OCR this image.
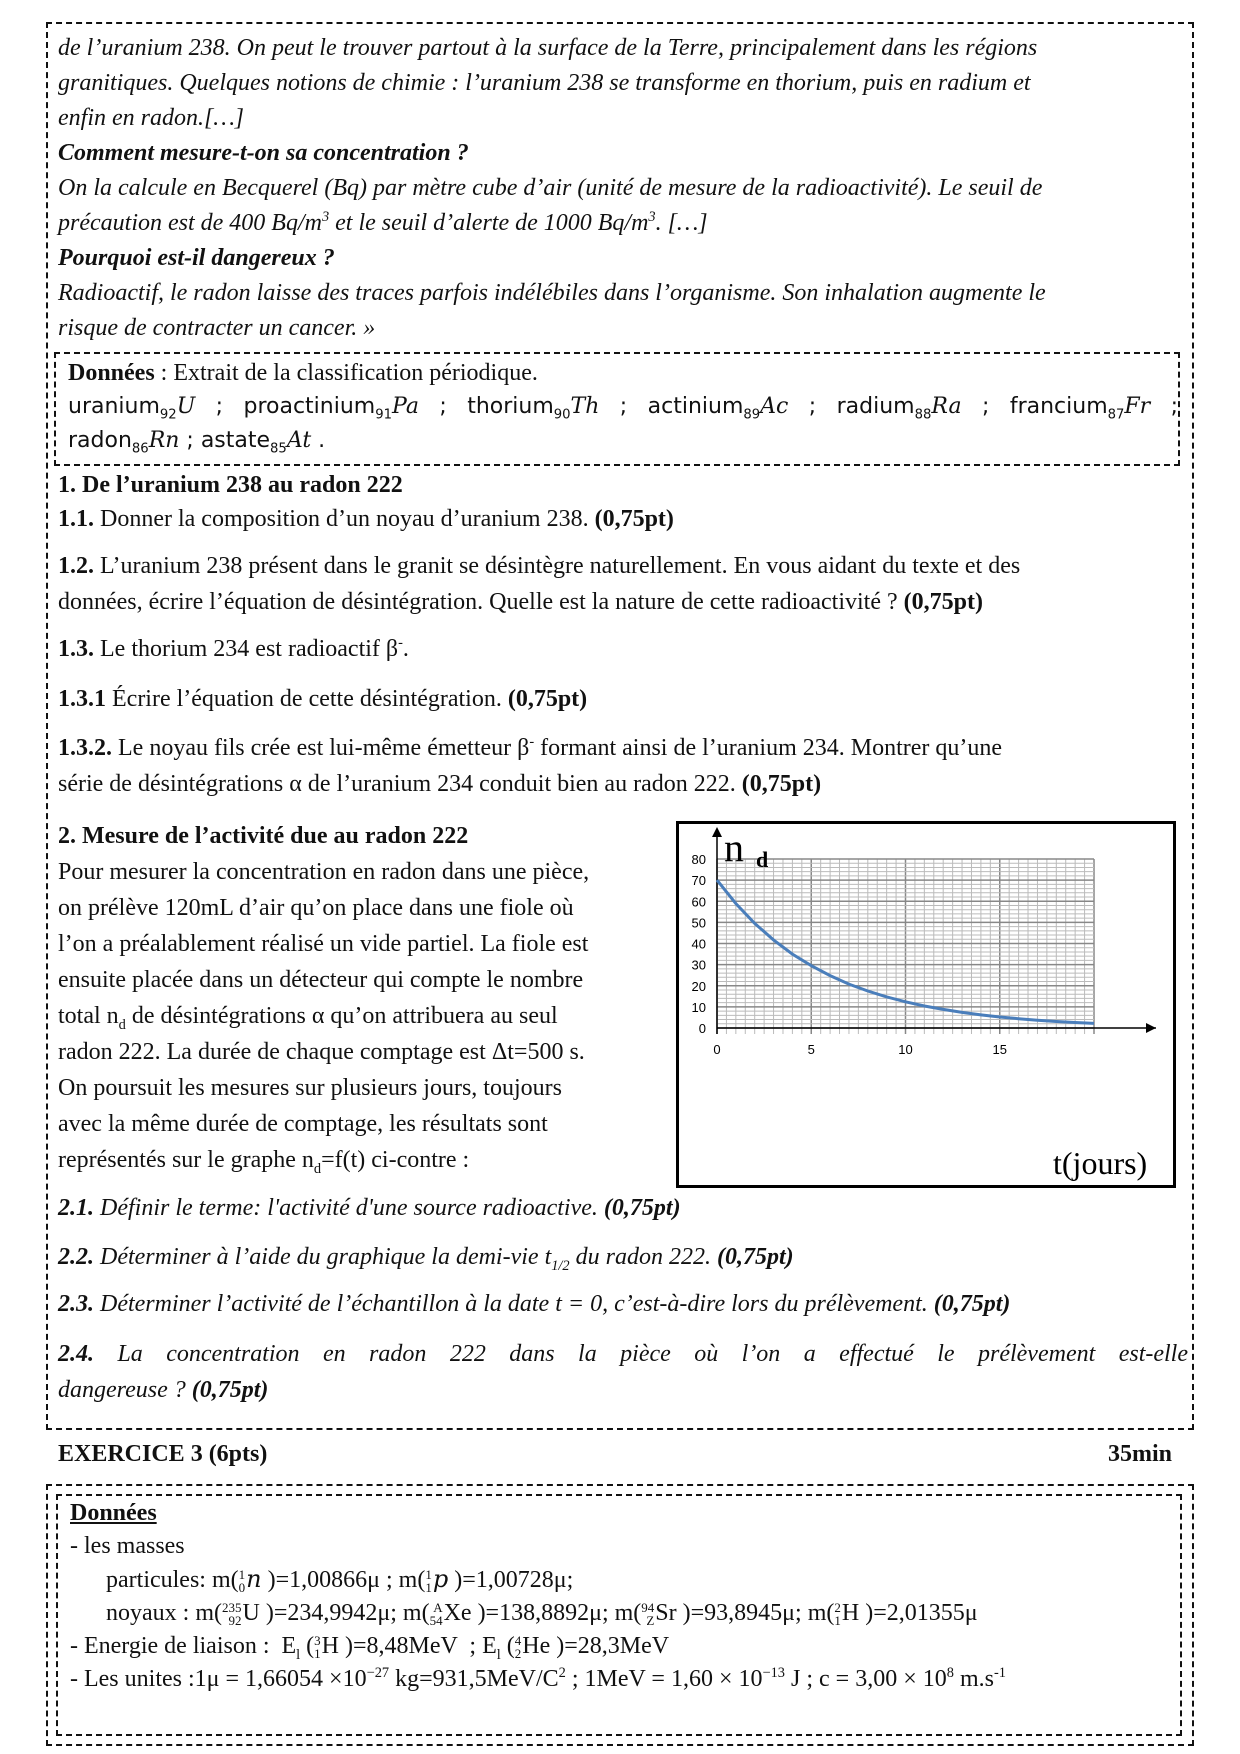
de l’uranium 238. On peut le trouver partout à la surface de la Terre, principalement dans les régions
granitiques. Quelques notions de chimie : l’uranium 238 se transforme en thorium, puis en radium et
enfin en radon.[…]
Comment mesure-t-on sa concentration ?
On la calcule en Becquerel (Bq) par mètre cube d’air (unité de mesure de la radioactivité). Le seuil de
précaution est de 400 $Bq/m^3$ et le seuil d’alerte de 1000 $Bq/m^3$. […]
Pourquoi est-il dangereux ?
Radioactif, le radon laisse des traces parfois indélébiles dans l’organisme. Son inhalation augmente le
risque de contracter un cancer. »
Données : Extrait de la classification périodique.
uranium$_{92}$U ; proactinium$_{91}$Pa ; thorium$_{90}$Th ; actinium$_{89}$Ac ; radium$_{88}$Ra ; francium$_{87}$Fr ;
radon$_{86}$Rn ; astate$_{85}$At .
1. De l’uranium 238 au radon 222
1.1. Donner la composition d’un noyau d’uranium 238. (0,75pt)
1.2. L’uranium 238 présent dans le granit se désintègre naturellement. En vous aidant du texte et des
données, écrire l’équation de désintégration. Quelle est la nature de cette radioactivité ? (0,75pt)
1.3. Le thorium 234 est radioactif β-.
1.3.1 Écrire l’équation de cette désintégration. (0,75pt)
1.3.2. Le noyau fils crée est lui-même émetteur β- formant ainsi de l’uranium 234. Montrer qu’une
série de désintégrations α de l’uranium 234 conduit bien au radon 222. (0,75pt)
2. Mesure de l’activité due au radon 222
Pour mesurer la concentration en radon dans une pièce,
on prélève 120mL d’air qu’on place dans une fiole où
l’on a préalablement réalisé un vide partiel. La fiole est
ensuite placée dans un détecteur qui compte le nombre
total $n_d$ de désintégrations α qu’on attribuera au seul
radon 222. La durée de chaque comptage est Δt=500 s.
On poursuit les mesures sur plusieurs jours, toujours
avec la même durée de comptage, les résultats sont
représentés sur le graphe $n_d=f(t)$ ci-contre :
0
10
20
30
40
50
60
70
80
0	5	10	15
n d
t(jours)
2.1. Définir le terme: l'activité d'une source radioactive. (0,75pt)
2.2. Déterminer à l’aide du graphique la demi-vie $t_{1/2}$ du radon 222. (0,75pt)
2.3. Déterminer l’activité de l’échantillon à la date t = 0, c’est-à-dire lors du prélèvement. (0,75pt)
2.4. La concentration en radon 222 dans la pièce où l’on a effectué le prélèvement est-elle
dangereuse ? (0,75pt)
EXERCICE 3 (6pts)	35min
Données
- les masses
particules: m( 1
0 n )=1,00866μ ; m( 1
1 p )=1,00728μ;
noyaux : m( 235
92 U )=234,9942μ; m( A
54 Xe )=138,8892μ; m( 94
Z Sr )=93,8945μ; m( 2
1 H )=2,01355μ
- Energie de liaison :  $E_l$ ( 3
1 H )=8,48MeV  ; $E_l$ ( 4
2 He )=28,3MeV
- Les unites :1μ = $1,66054 \times 10^{-27}$ $kg=931,5MeV/C^2$ ; $1MeV = 1,60 \times 10^{-13}$ J ; $c = 3,00 \times 10^8$ $m.s^{-1}$
